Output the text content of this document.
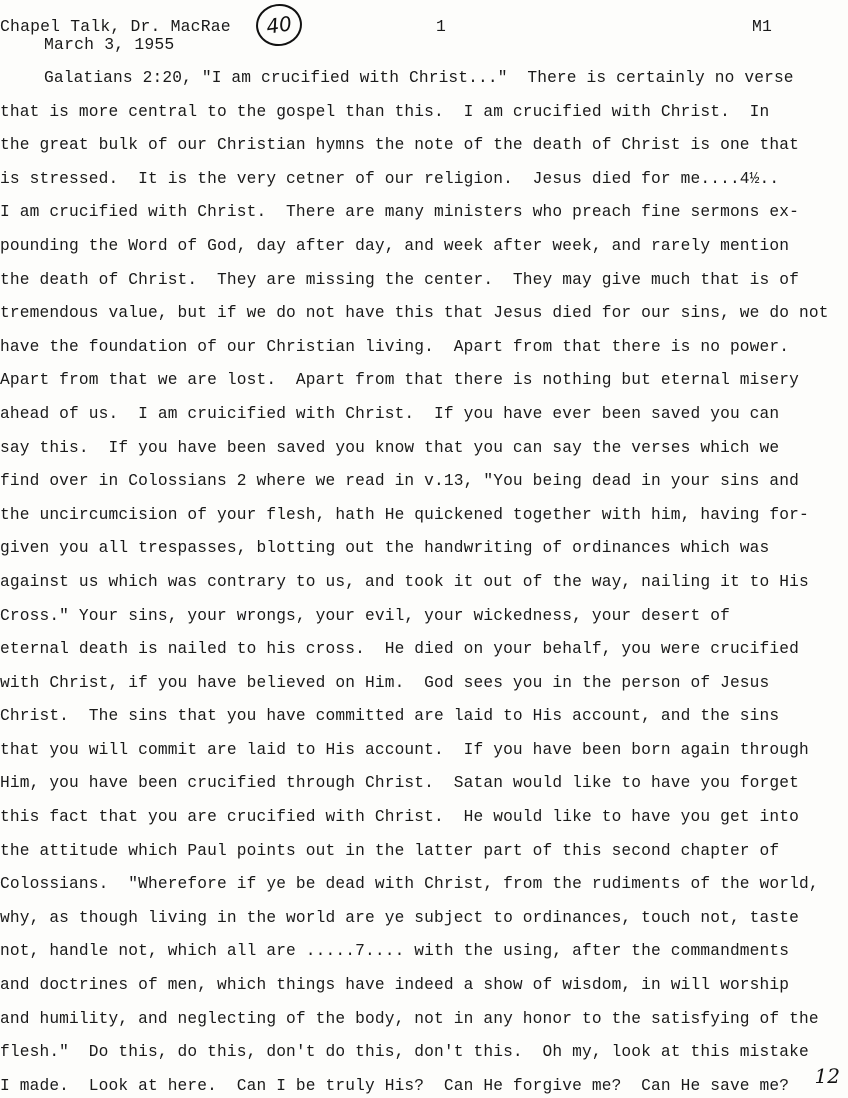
Chapel Talk, Dr. MacRae
March 3, 1955
40	1	M1
Galatians 2:20, "I am crucified with Christ..."  There is certainly no verse
that is more central to the gospel than this.  I am crucified with Christ.  In
the great bulk of our Christian hymns the note of the death of Christ is one that
is stressed.  It is the very cetner of our religion.  Jesus died for me....4½..
I am crucified with Christ.  There are many ministers who preach fine sermons ex-
pounding the Word of God, day after day, and week after week, and rarely mention
the death of Christ.  They are missing the center.  They may give much that is of
tremendous value, but if we do not have this that Jesus died for our sins, we do not
have the foundation of our Christian living.  Apart from that there is no power.
Apart from that we are lost.  Apart from that there is nothing but eternal misery
ahead of us.  I am cruicified with Christ.  If you have ever been saved you can
say this.  If you have been saved you know that you can say the verses which we
find over in Colossians 2 where we read in v.13, "You being dead in your sins and
the uncircumcision of your flesh, hath He quickened together with him, having for-
given you all trespasses, blotting out the handwriting of ordinances which was
against us which was contrary to us, and took it out of the way, nailing it to His
Cross." Your sins, your wrongs, your evil, your wickedness, your desert of
eternal death is nailed to his cross.  He died on your behalf, you were crucified
with Christ, if you have believed on Him.  God sees you in the person of Jesus
Christ.  The sins that you have committed are laid to His account, and the sins
that you will commit are laid to His account.  If you have been born again through
Him, you have been crucified through Christ.  Satan would like to have you forget
this fact that you are crucified with Christ.  He would like to have you get into
the attitude which Paul points out in the latter part of this second chapter of
Colossians.  "Wherefore if ye be dead with Christ, from the rudiments of the world,
why, as though living in the world are ye subject to ordinances, touch not, taste
not, handle not, which all are .....7.... with the using, after the commandments
and doctrines of men, which things have indeed a show of wisdom, in will worship
and humility, and neglecting of the body, not in any honor to the satisfying of the
flesh."  Do this, do this, don't do this, don't this.  Oh my, look at this mistake
I made.  Look at here.  Can I be truly His?  Can He forgive me?  Can He save me?	12
